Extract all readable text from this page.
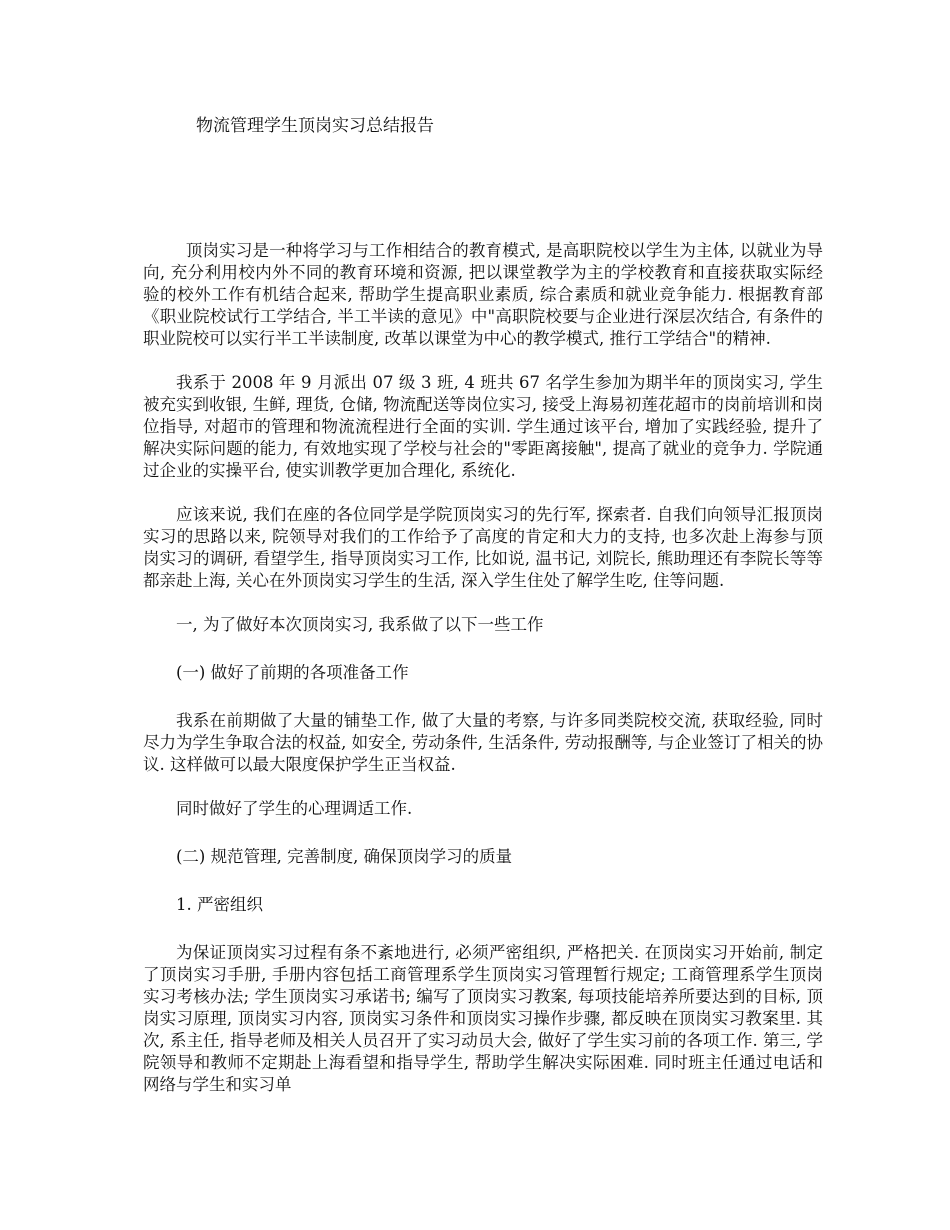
物流管理学生顶岗实习总结报告

顶岗实习是一种将学习与工作相结合的教育模式, 是高职院校以学生为主体, 以就业为导向, 充分利用校内外不同的教育环境和资源, 把以课堂教学为主的学校教育和直接获取实际经验的校外工作有机结合起来, 帮助学生提高职业素质, 综合素质和就业竞争能力. 根据教育部《职业院校试行工学结合, 半工半读的意见》中"高职院校要与企业进行深层次结合, 有条件的职业院校可以实行半工半读制度, 改革以课堂为中心的教学模式, 推行工学结合"的精神.

我系于 2008 年 9 月派出 07 级 3 班, 4 班共 67 名学生参加为期半年的顶岗实习, 学生被充实到收银, 生鲜, 理货, 仓储, 物流配送等岗位实习, 接受上海易初莲花超市的岗前培训和岗位指导, 对超市的管理和物流流程进行全面的实训. 学生通过该平台, 增加了实践经验, 提升了解决实际问题的能力, 有效地实现了学校与社会的"零距离接触", 提高了就业的竞争力. 学院通过企业的实操平台, 使实训教学更加合理化, 系统化.

应该来说, 我们在座的各位同学是学院顶岗实习的先行军, 探索者. 自我们向领导汇报顶岗实习的思路以来, 院领导对我们的工作给予了高度的肯定和大力的支持, 也多次赴上海参与顶岗实习的调研, 看望学生, 指导顶岗实习工作, 比如说, 温书记, 刘院长, 熊助理还有李院长等等都亲赴上海, 关心在外顶岗实习学生的生活, 深入学生住处了解学生吃, 住等问题.

一, 为了做好本次顶岗实习, 我系做了以下一些工作

(一) 做好了前期的各项准备工作

我系在前期做了大量的铺垫工作, 做了大量的考察, 与许多同类院校交流, 获取经验, 同时尽力为学生争取合法的权益, 如安全, 劳动条件, 生活条件, 劳动报酬等, 与企业签订了相关的协议. 这样做可以最大限度保护学生正当权益.

同时做好了学生的心理调适工作.

(二) 规范管理, 完善制度, 确保顶岗学习的质量

1. 严密组织

为保证顶岗实习过程有条不紊地进行, 必须严密组织, 严格把关. 在顶岗实习开始前, 制定了顶岗实习手册, 手册内容包括工商管理系学生顶岗实习管理暂行规定; 工商管理系学生顶岗实习考核办法; 学生顶岗实习承诺书; 编写了顶岗实习教案, 每项技能培养所要达到的目标, 顶岗实习原理, 顶岗实习内容, 顶岗实习条件和顶岗实习操作步骤, 都反映在顶岗实习教案里. 其次, 系主任, 指导老师及相关人员召开了实习动员大会, 做好了学生实习前的各项工作. 第三, 学院领导和教师不定期赴上海看望和指导学生, 帮助学生解决实际困难. 同时班主任通过电话和网络与学生和实习单
